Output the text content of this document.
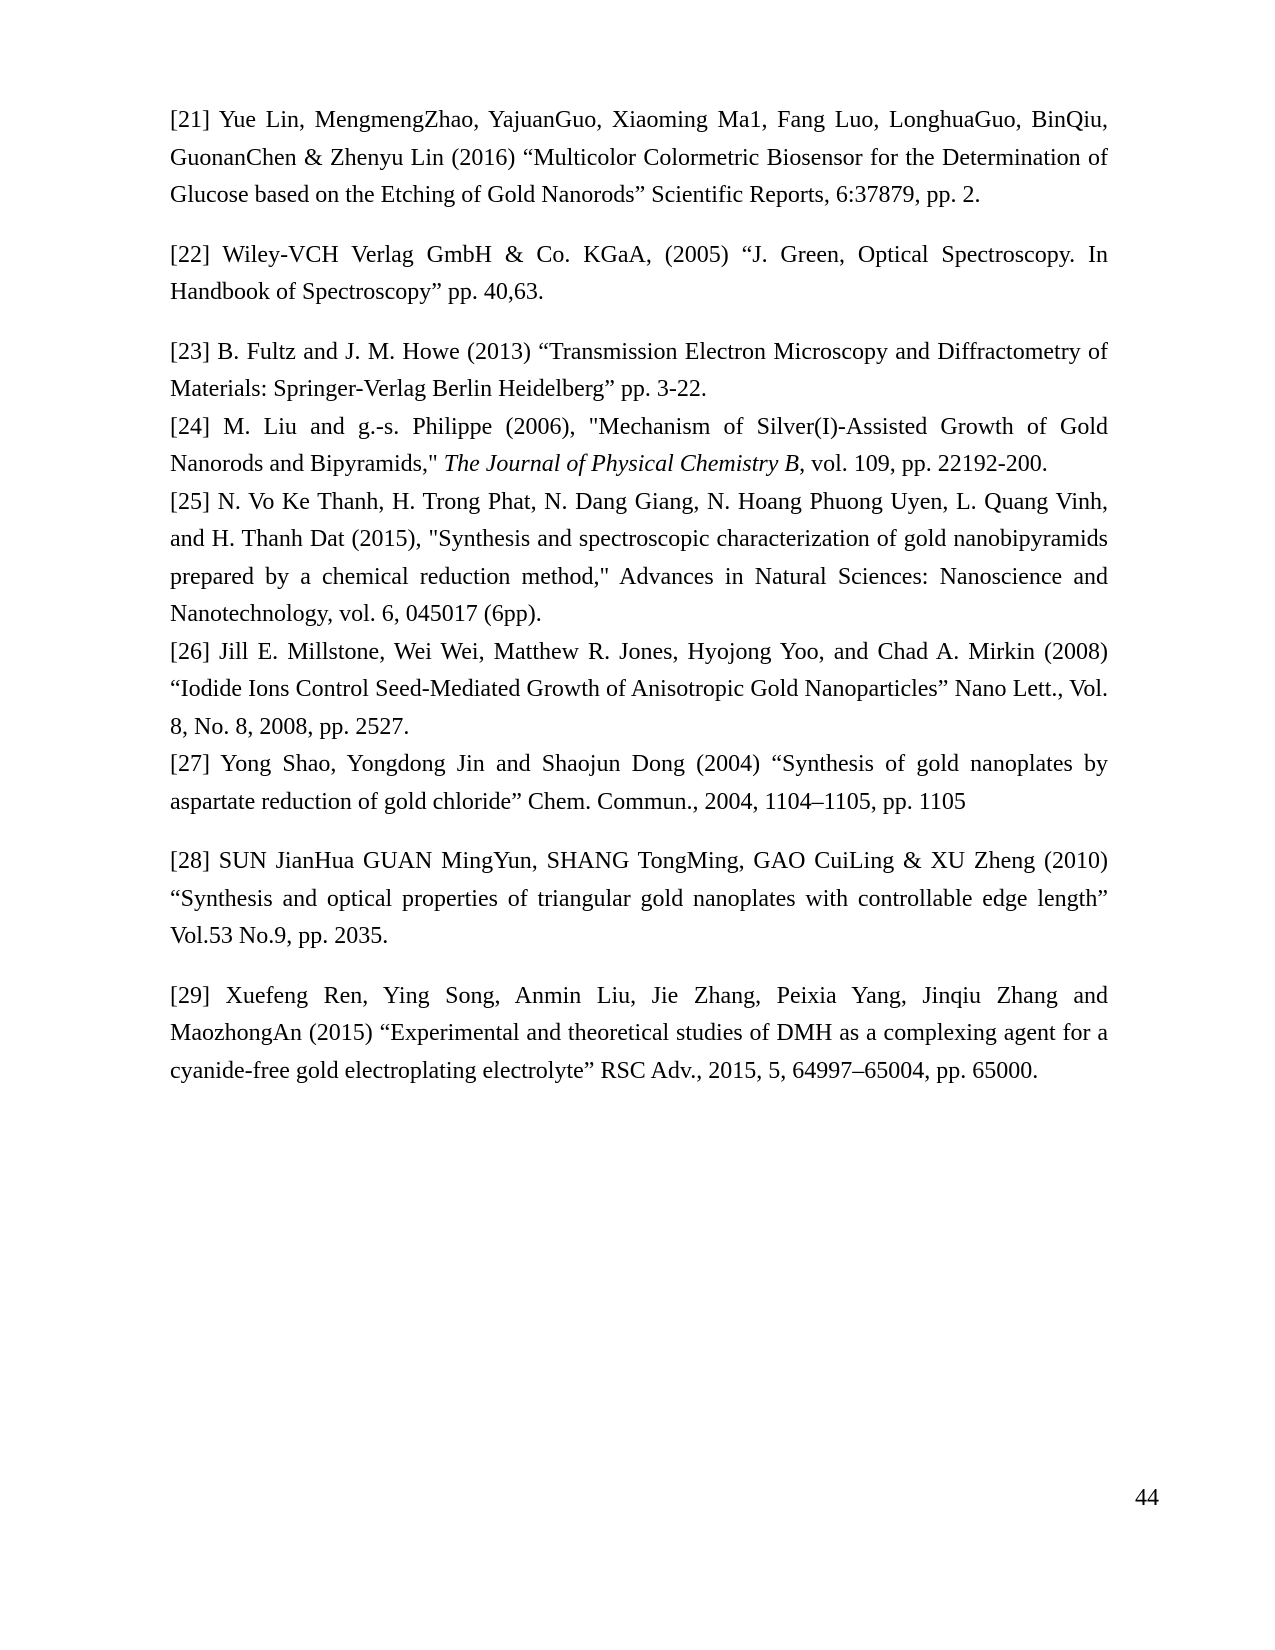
[21] Yue Lin, MengmengZhao, YajuanGuo, Xiaoming Ma1, Fang Luo, LonghuaGuo, BinQiu, GuonanChen & Zhenyu Lin (2016) “Multicolor Colormetric Biosensor for the Determination of Glucose based on the Etching of Gold Nanorods” Scientific Reports, 6:37879, pp. 2.

[22] Wiley-VCH Verlag GmbH & Co. KGaA, (2005) “J. Green, Optical Spectroscopy. In Handbook of Spectroscopy” pp. 40,63.

[23] B. Fultz and J. M. Howe (2013) “Transmission Electron Microscopy and Diffractometry of Materials: Springer-Verlag Berlin Heidelberg” pp. 3-22.

[24] M. Liu and g.-s. Philippe (2006), "Mechanism of Silver(I)-Assisted Growth of Gold Nanorods and Bipyramids," The Journal of Physical Chemistry B, vol. 109, pp. 22192-200.

[25] N. Vo Ke Thanh, H. Trong Phat, N. Dang Giang, N. Hoang Phuong Uyen, L. Quang Vinh, and H. Thanh Dat (2015), "Synthesis and spectroscopic characterization of gold nanobipyramids prepared by a chemical reduction method," Advances in Natural Sciences: Nanoscience and Nanotechnology, vol. 6, 045017 (6pp).

[26] Jill E. Millstone, Wei Wei, Matthew R. Jones, Hyojong Yoo, and Chad A. Mirkin (2008) “Iodide Ions Control Seed-Mediated Growth of Anisotropic Gold Nanoparticles” Nano Lett., Vol. 8, No. 8, 2008, pp. 2527.

[27] Yong Shao, Yongdong Jin and Shaojun Dong (2004) “Synthesis of gold nanoplates by aspartate reduction of gold chloride” Chem. Commun., 2004, 1104–1105, pp. 1105

[28] SUN JianHua GUAN MingYun, SHANG TongMing, GAO CuiLing & XU Zheng (2010) “Synthesis and optical properties of triangular gold nanoplates with controllable edge length” Vol.53 No.9, pp. 2035.

[29] Xuefeng Ren, Ying Song, Anmin Liu, Jie Zhang, Peixia Yang, Jinqiu Zhang and MaozhongAn (2015) “Experimental and theoretical studies of DMH as a complexing agent for a cyanide-free gold electroplating electrolyte” RSC Adv., 2015, 5, 64997–65004, pp. 65000.

44
